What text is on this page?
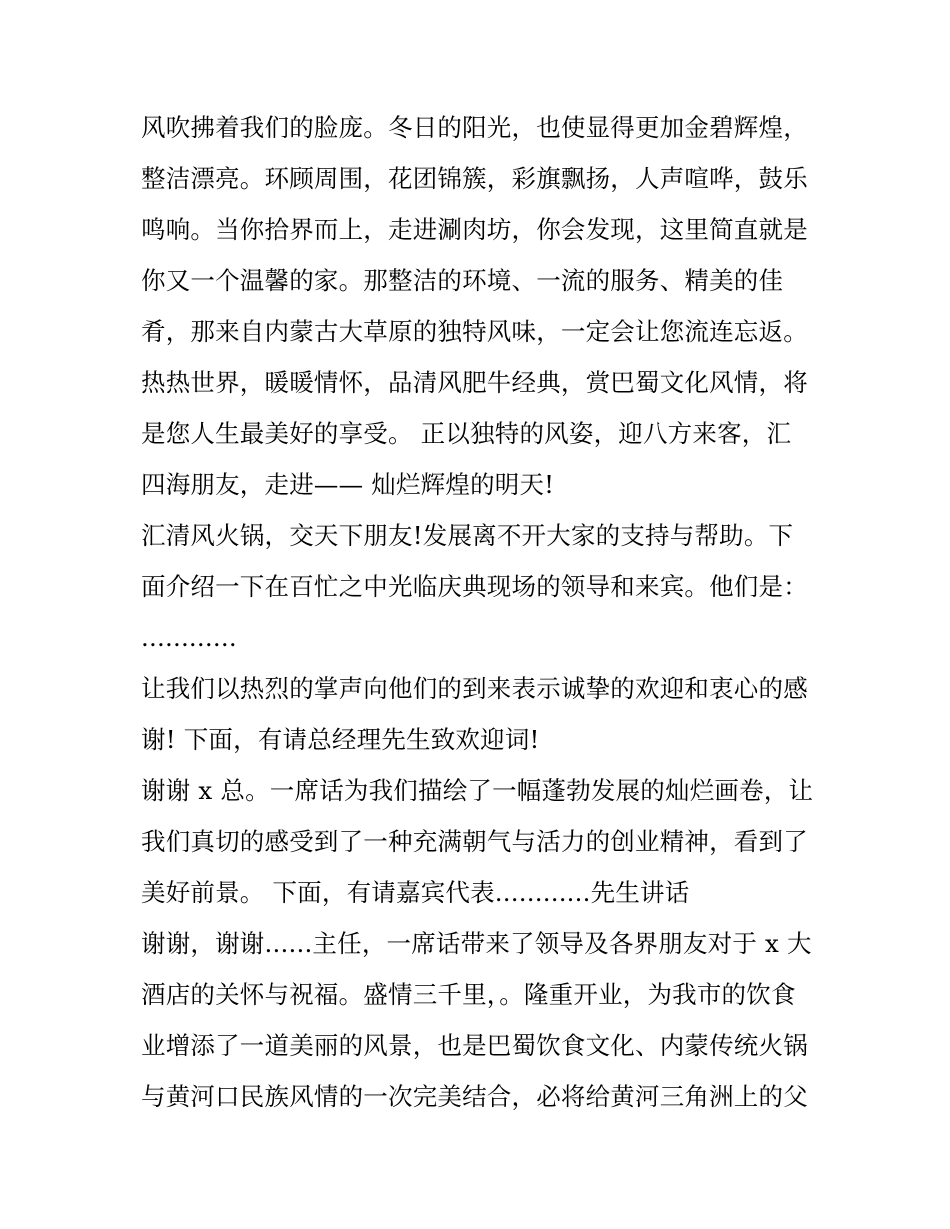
风吹拂着我们的脸庞。冬日的阳光，也使显得更加金碧辉煌，
整洁漂亮。环顾周围，花团锦簇，彩旗飘扬，人声喧哗，鼓乐
鸣响。当你拾界而上，走进涮肉坊，你会发现，这里简直就是
你又一个温馨的家。那整洁的环境、一流的服务、精美的佳
肴，那来自内蒙古大草原的独特风味，一定会让您流连忘返。
热热世界，暖暖情怀，品清风肥牛经典，赏巴蜀文化风情，将
是您人生最美好的享受。 正以独特的风姿，迎八方来客，汇
四海朋友，走进—— 灿烂辉煌的明天!
汇清风火锅，交天下朋友!发展离不开大家的支持与帮助。下
面介绍一下在百忙之中光临庆典现场的领导和来宾。他们是：
............
让我们以热烈的掌声向他们的到来表示诚挚的欢迎和衷心的感
谢! 下面，有请总经理先生致欢迎词!
谢谢 x 总。一席话为我们描绘了一幅蓬勃发展的灿烂画卷，让
我们真切的感受到了一种充满朝气与活力的创业精神，看到了
美好前景。 下面，有请嘉宾代表............先生讲话
谢谢，谢谢......主任，一席话带来了领导及各界朋友对于 x 大
酒店的关怀与祝福。盛情三千里，。隆重开业，为我市的饮食
业增添了一道美丽的风景，也是巴蜀饮食文化、内蒙传统火锅
与黄河口民族风情的一次完美结合，必将给黄河三角洲上的父
